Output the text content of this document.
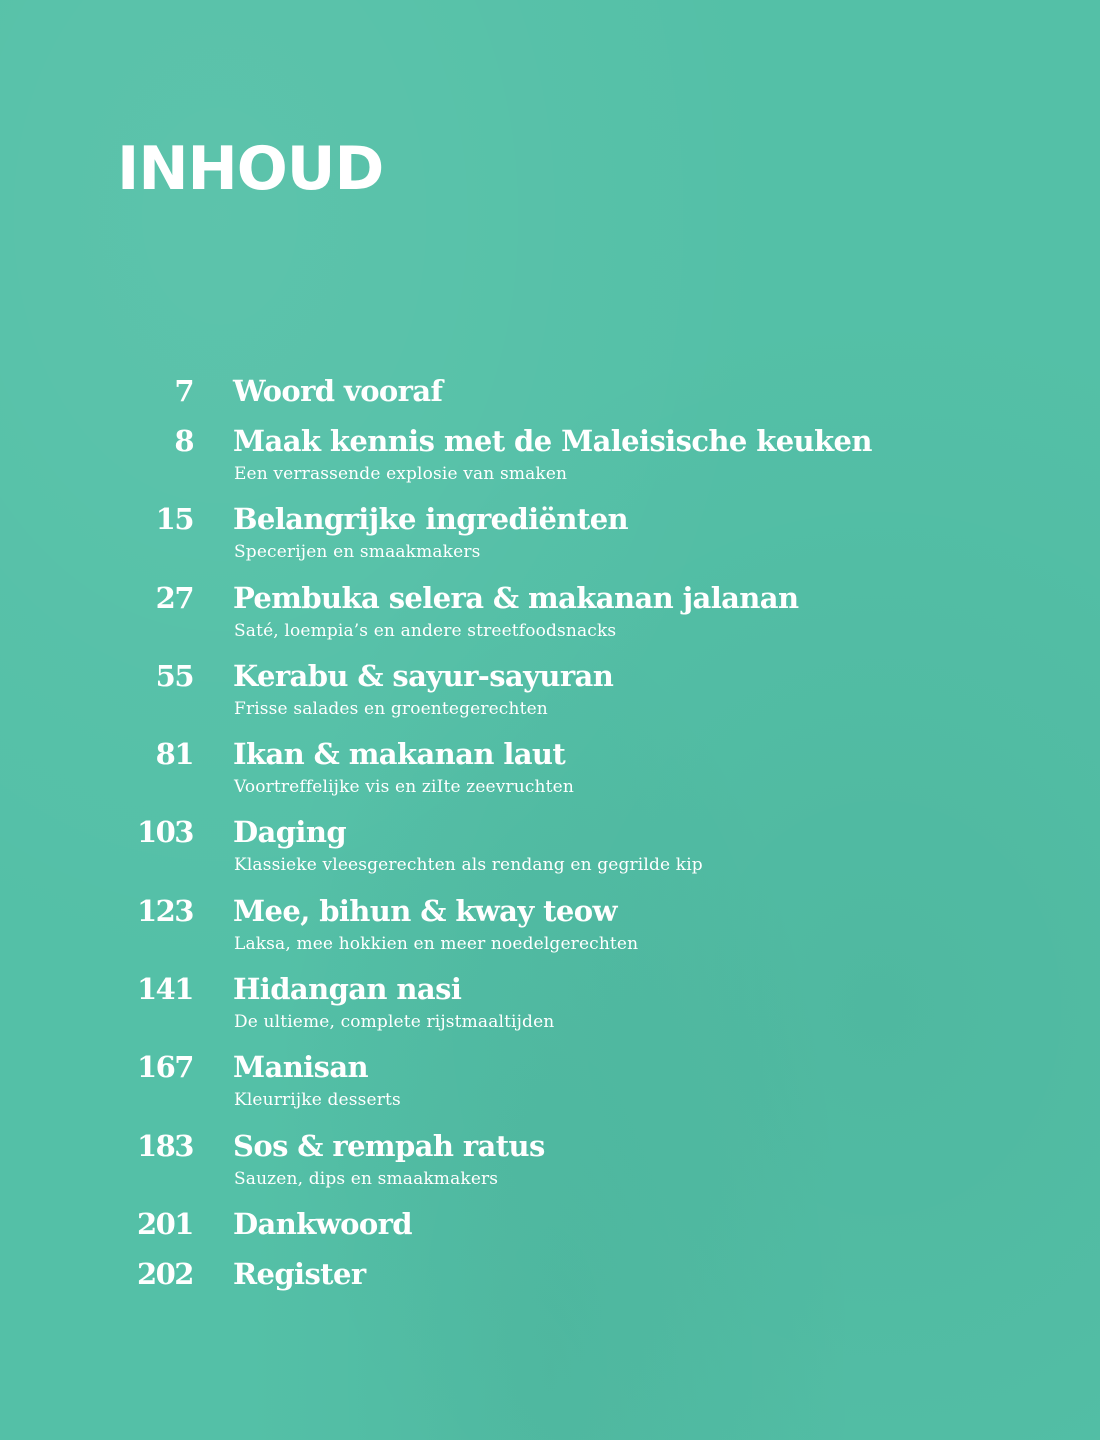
INHOUD
7 Woord vooraf
8 Maak kennis met de Maleisische keuken
Een verrassende explosie van smaken
15 Belangrijke ingrediënten
Specerijen en smaakmakers
27 Pembuka selera & makanan jalanan
Saté, loempia’s en andere streetfoodsnacks
55 Kerabu & sayur-sayuran
Frisse salades en groentegerechten
81 Ikan & makanan laut
Voortreffelijke vis en ziIte zeevruchten
103 Daging
Klassieke vleesgerechten als rendang en gegrilde kip
123 Mee, bihun & kway teow
Laksa, mee hokkien en meer noedelgerechten
141 Hidangan nasi
De ultieme, complete rijstmaaltijden
167 Manisan
Kleurrijke desserts
183 Sos & rempah ratus
Sauzen, dips en smaakmakers
201 Dankwoord
202 Register
